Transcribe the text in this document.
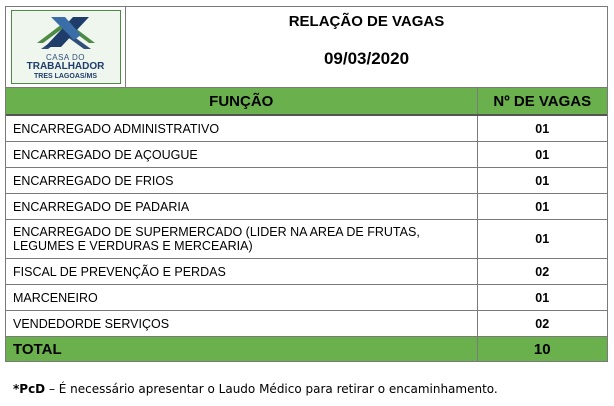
CASA DO
TRABALHADOR
TRES LAGOAS/MS
RELAÇÃO DE VAGAS
09/03/2020
FUNÇÃO	Nº DE VAGAS
ENCARREGADO ADMINISTRATIVO	01
ENCARREGADO DE AÇOUGUE	01
ENCARREGADO DE FRIOS	01
ENCARREGADO DE PADARIA	01
ENCARREGADO DE SUPERMERCADO (LIDER NA AREA DE FRUTAS, LEGUMES E VERDURAS E MERCEARIA)	01
FISCAL DE PREVENÇÃO E PERDAS	02
MARCENEIRO	01
VENDEDORDE SERVIÇOS	02
TOTAL	10
*PcD – É necessário apresentar o Laudo Médico para retirar o encaminhamento.
